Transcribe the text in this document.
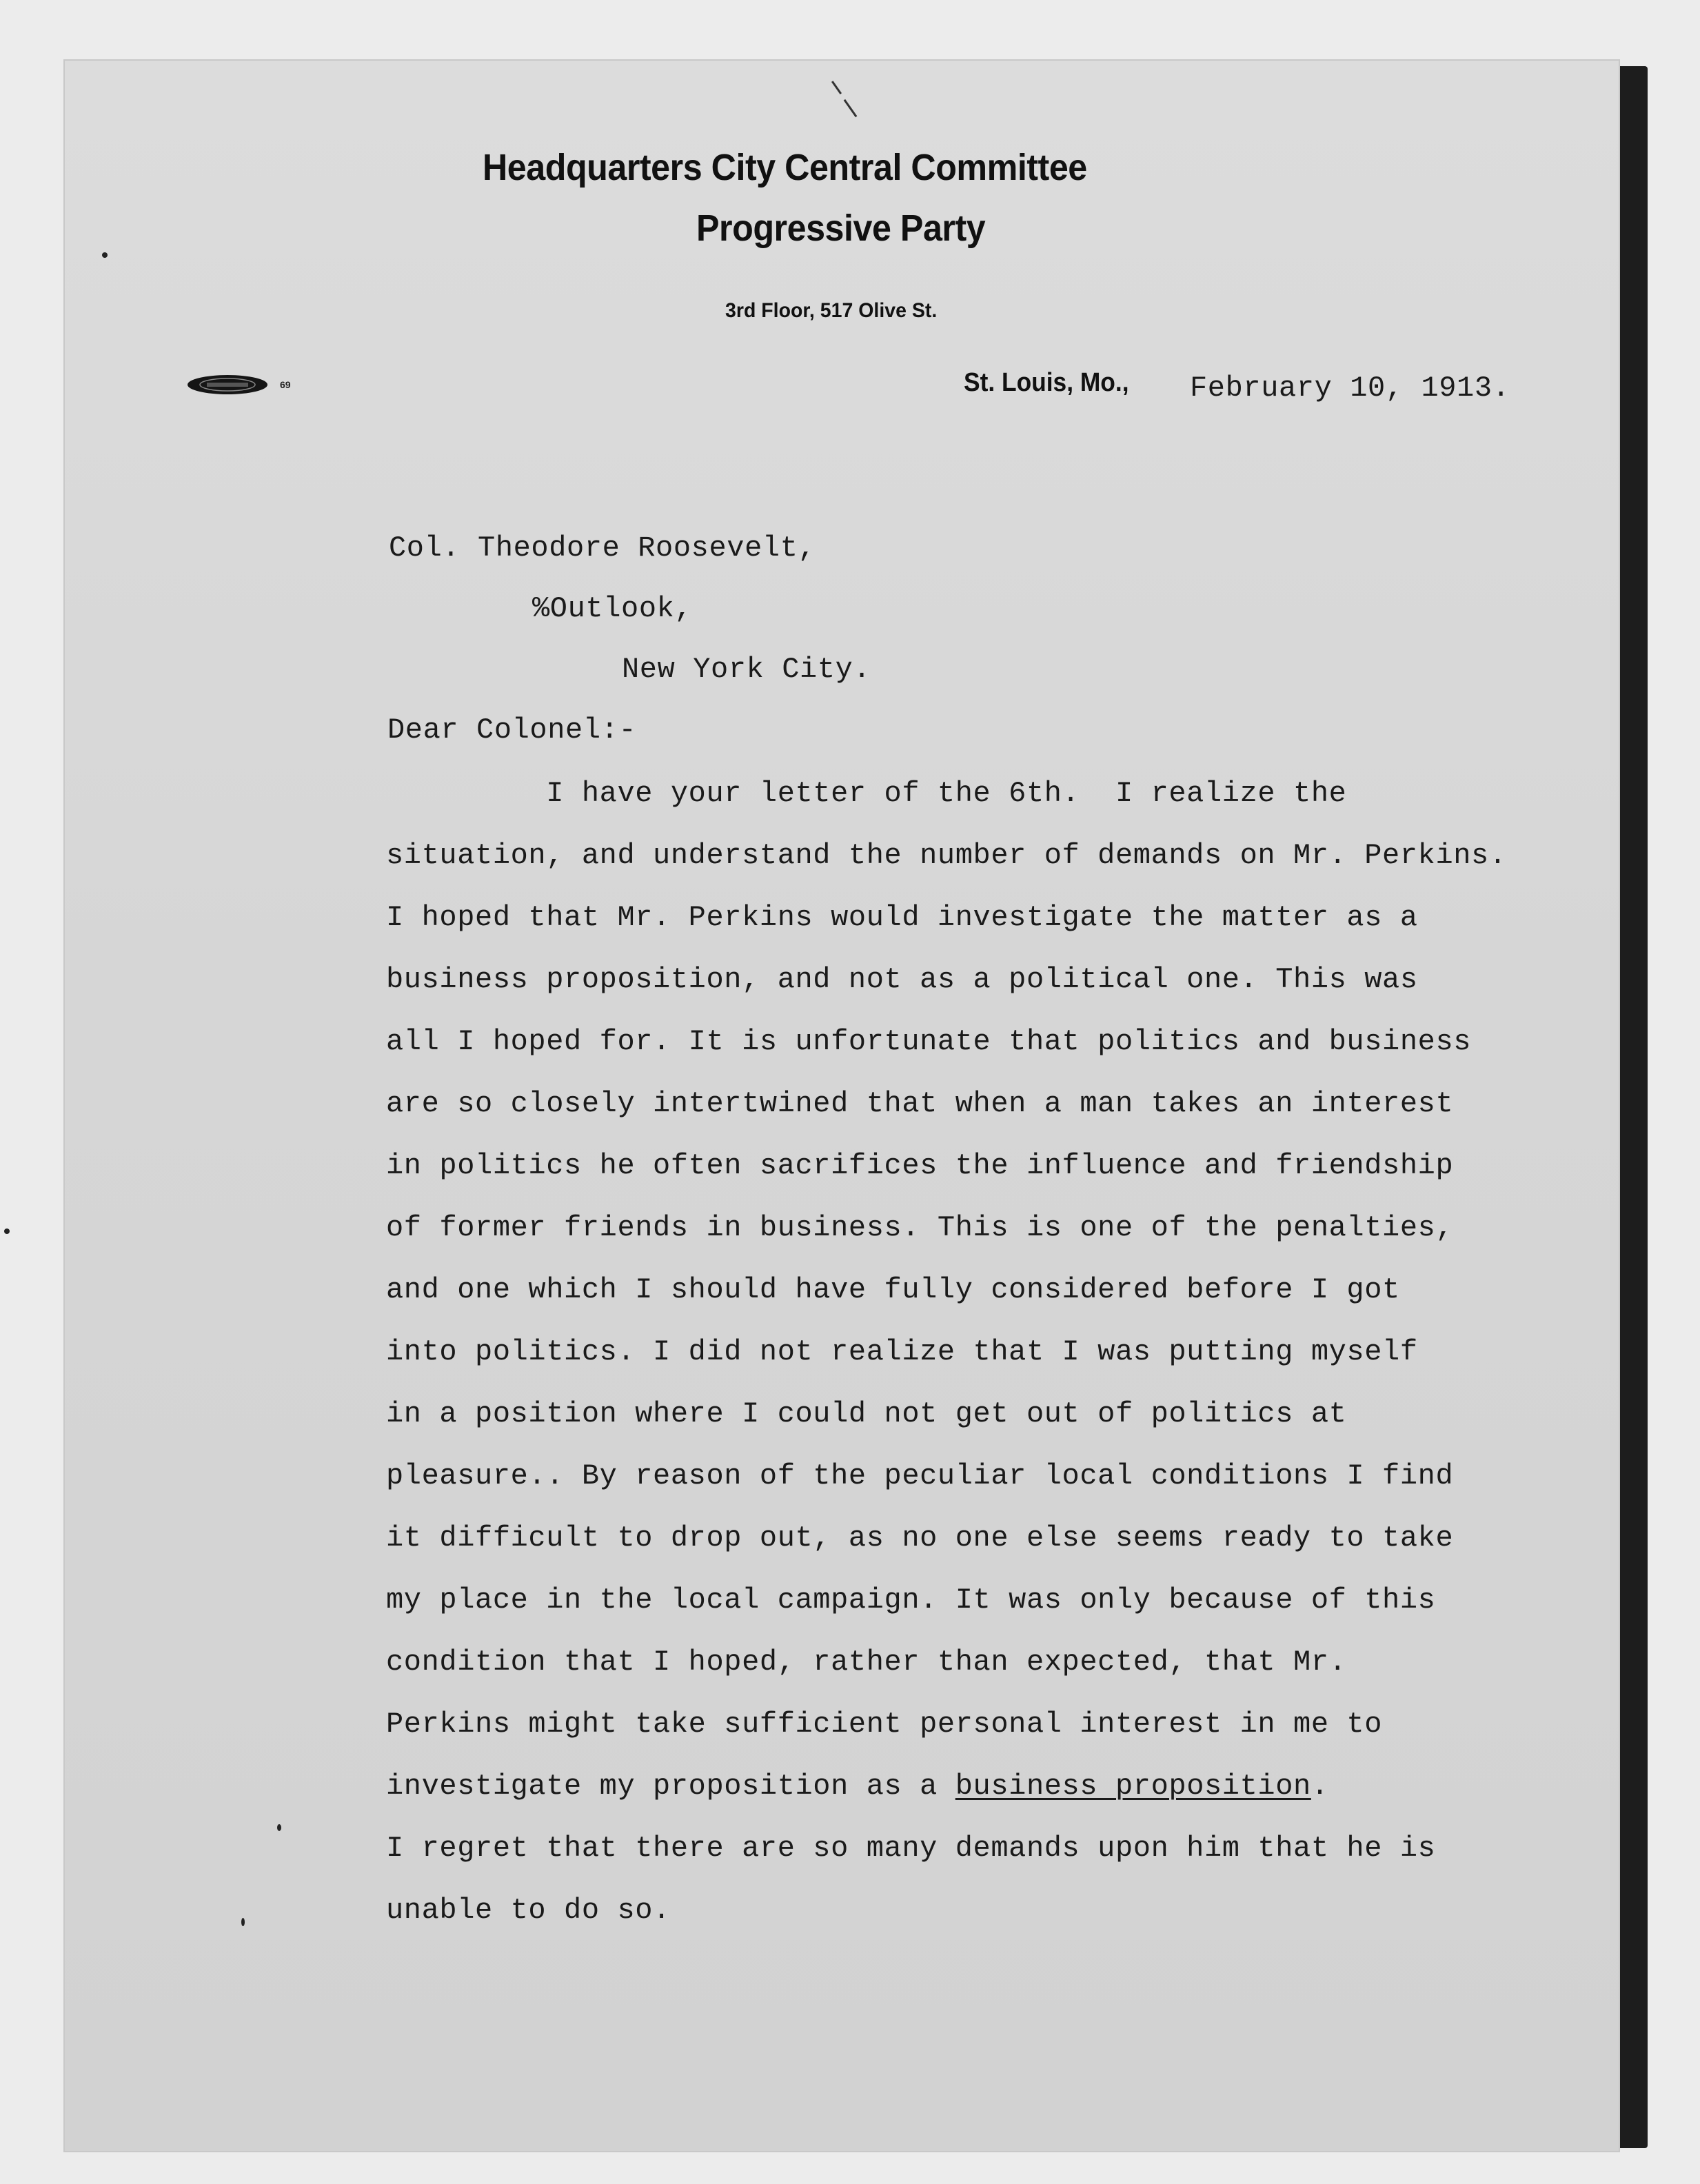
Headquarters City Central Committee
Progressive Party
3rd Floor, 517 Olive St.
St. Louis, Mo.,
69	February 10, 1913.
Col. Theodore Roosevelt,
%Outlook,
New York City.
Dear Colonel:-
I have your letter of the 6th.  I realize the
situation, and understand the number of demands on Mr. Perkins.
I hoped that Mr. Perkins would investigate the matter as a
business proposition, and not as a political one. This was
all I hoped for. It is unfortunate that politics and business
are so closely intertwined that when a man takes an interest
in politics he often sacrifices the influence and friendship
of former friends in business. This is one of the penalties,
and one which I should have fully considered before I got
into politics. I did not realize that I was putting myself
in a position where I could not get out of politics at
pleasure.. By reason of the peculiar local conditions I find
it difficult to drop out, as no one else seems ready to take
my place in the local campaign. It was only because of this
condition that I hoped, rather than expected, that Mr.
Perkins might take sufficient personal interest in me to
investigate my proposition as a business proposition.
I regret that there are so many demands upon him that he is
unable to do so.
